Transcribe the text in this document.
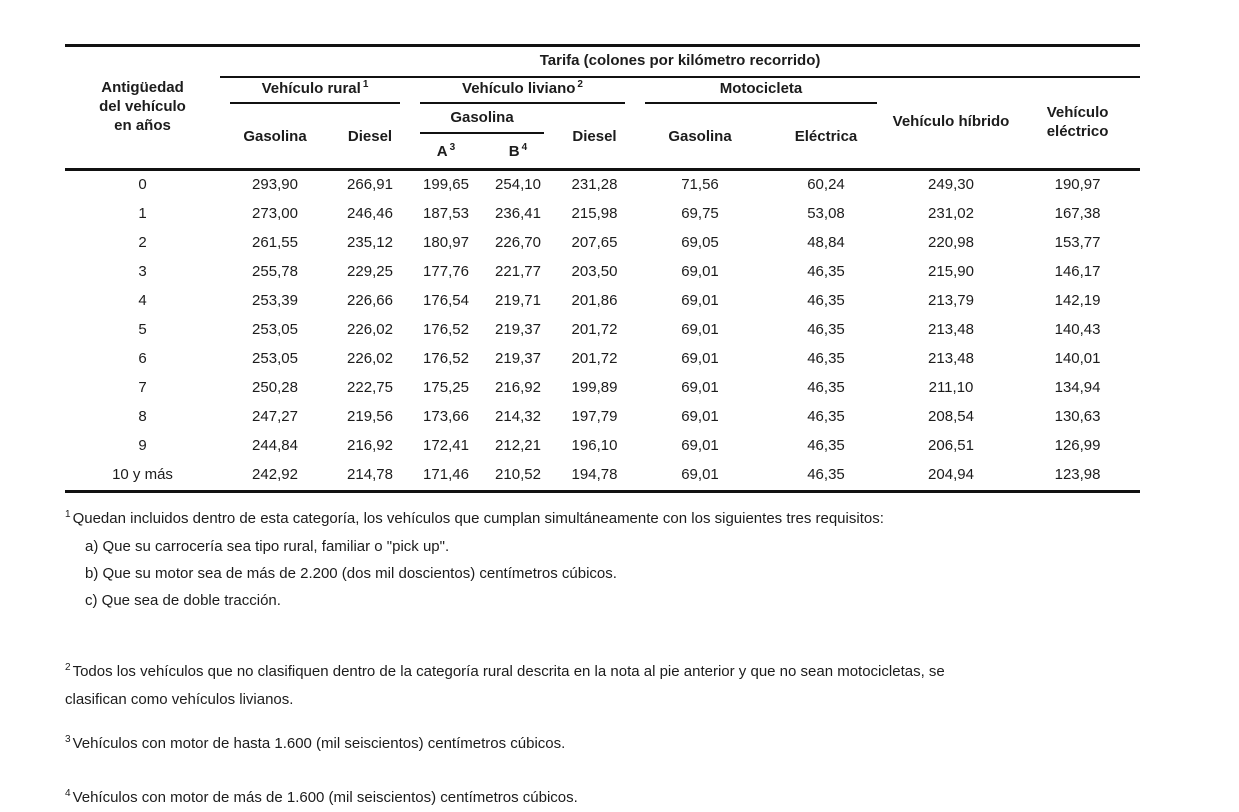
Antigüedad del vehículo en años	Tarifa (colones por kilómetro recorrido)								

	Vehículo rural $^1$		Vehículo liviano $^2$			Motocicleta		Vehículo híbrido	Vehículo eléctrico
	Gasolina	Diesel	Gasolina		Diesel	Gasolina	Eléctrica		
			A $^3$	B $^4$
0	293,90	266,91	199,65	254,10	231,28	71,56	60,24	249,30	190,97
1	273,00	246,46	187,53	236,41	215,98	69,75	53,08	231,02	167,38
2	261,55	235,12	180,97	226,70	207,65	69,05	48,84	220,98	153,77
3	255,78	229,25	177,76	221,77	203,50	69,01	46,35	215,90	146,17
4	253,39	226,66	176,54	219,71	201,86	69,01	46,35	213,79	142,19
5	253,05	226,02	176,52	219,37	201,72	69,01	46,35	213,48	140,43
6	253,05	226,02	176,52	219,37	201,72	69,01	46,35	213,48	140,01
7	250,28	222,75	175,25	216,92	199,89	69,01	46,35	211,10	134,94
8	247,27	219,56	173,66	214,32	197,79	69,01	46,35	208,54	130,63
9	244,84	216,92	172,41	212,21	196,10	69,01	46,35	206,51	126,99
10 y más	242,92	214,78	171,46	210,52	194,78	69,01	46,35	204,94	123,98

$^1$ Quedan incluidos dentro de esta categoría, los vehículos que cumplan simultáneamente con los siguientes tres requisitos:

a) Que su carrocería sea tipo rural, familiar o "pick up".

b) Que su motor sea de más de 2.200 (dos mil doscientos) centímetros cúbicos.

c) Que sea de doble tracción.

$^2$ Todos los vehículos que no clasifiquen dentro de la categoría rural descrita en la nota al pie anterior y que no sean motocicletas, se clasifican como vehículos livianos.

$^3$ Vehículos con motor de hasta 1.600 (mil seiscientos) centímetros cúbicos.

$^4$ Vehículos con motor de más de 1.600 (mil seiscientos) centímetros cúbicos.
